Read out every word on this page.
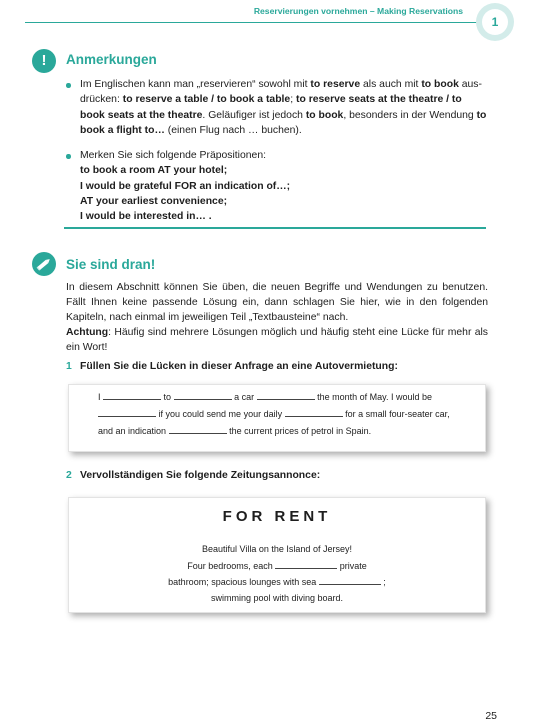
Reservierungen vornehmen – Making Reservations
1
!	Anmerkungen
Im Englischen kann man „reservieren“ sowohl mit to reserve als auch mit to book aus-drücken: to reserve a table / to book a table; to reserve seats at the theatre / to book seats at the theatre. Geläufiger ist jedoch to book, besonders in der Wendung to book a flight to… (einen Flug nach … buchen).
Merken Sie sich folgende Präpositionen:
to book a room AT your hotel;
I would be grateful FOR an indication of…;
AT your earliest convenience;
I would be interested in… .
Sie sind dran!
In diesem Abschnitt können Sie üben, die neuen Begriffe und Wendungen zu benutzen. Fällt Ihnen keine passende Lösung ein, dann schlagen Sie hier, wie in den folgenden Kapiteln, nach einmal im jeweiligen Teil „Textbausteine“ nach.
Achtung: Häufig sind mehrere Lösungen möglich und häufig steht eine Lücke für mehr als ein Wort!
1 Füllen Sie die Lücken in dieser Anfrage an eine Autovermietung:
I	to	a car	the month of May. I would be
if you could send me your daily	for a small four-seater car,
and an indication	the current prices of petrol in Spain.
2 Vervollständigen Sie folgende Zeitungsannonce:
FOR RENT
Beautiful Villa on the Island of Jersey!
Four bedrooms, each	private
bathroom; spacious lounges with sea	;
swimming pool with diving board.
25
